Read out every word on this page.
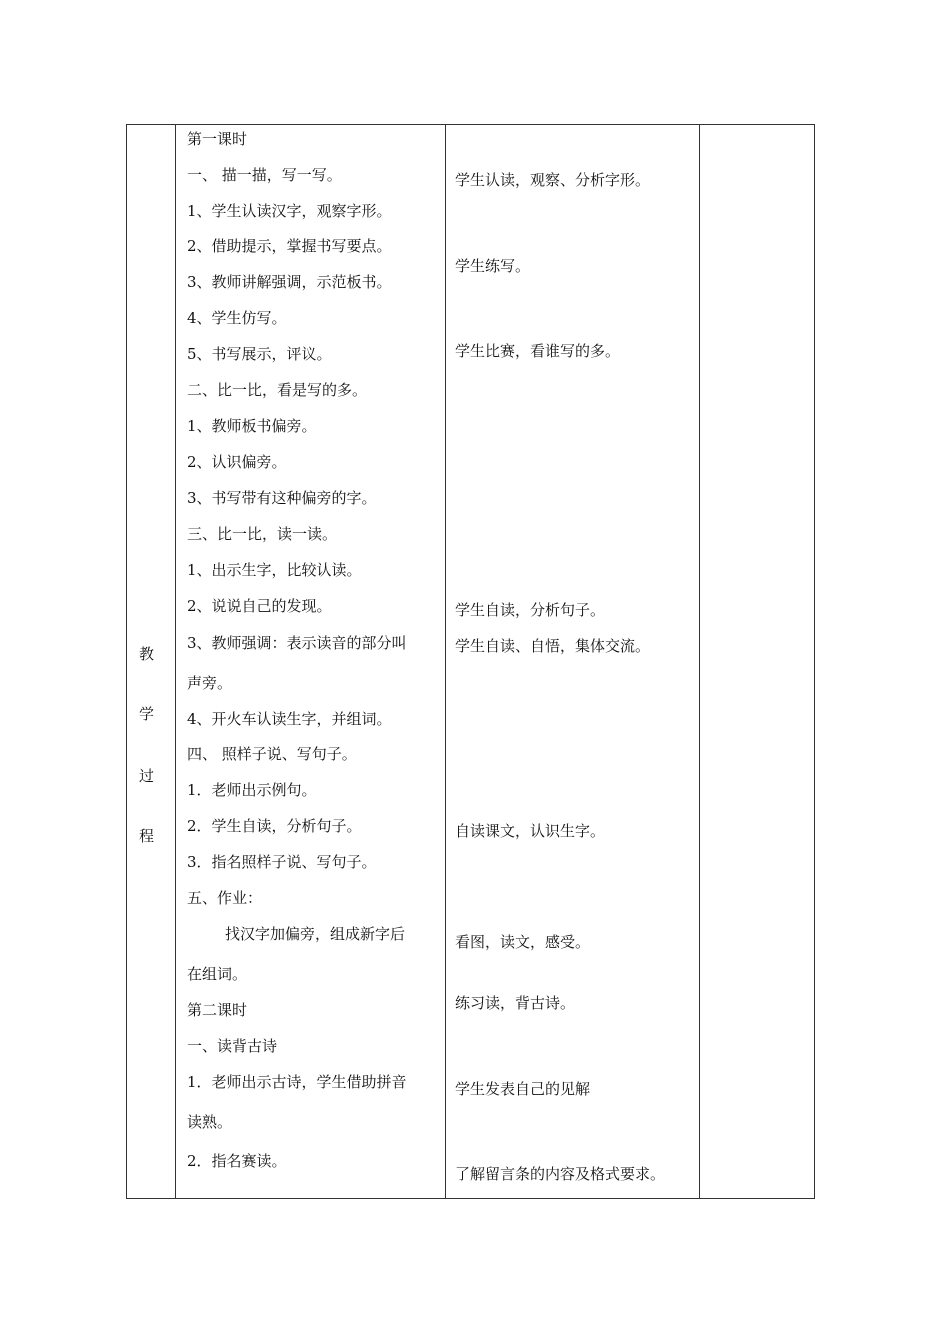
教
学
过
程
第一课时
一、 描一描，写一写。
1、学生认读汉字，观察字形。
2、借助提示，掌握书写要点。
3、教师讲解强调，示范板书。
4、学生仿写。
5、书写展示，评议。
二、比一比，看是写的多。
1、教师板书偏旁。
2、认识偏旁。
3、书写带有这种偏旁的字。
三、比一比，读一读。
1、出示生字，比较认读。
2、说说自己的发现。
3、教师强调：表示读音的部分叫
声旁。
4、开火车认读生字，并组词。
四、 照样子说、写句子。
1．老师出示例句。
2．学生自读，分析句子。
3．指名照样子说、写句子。
五、作业：
找汉字加偏旁，组成新字后
在组词。
第二课时
一、读背古诗
1．老师出示古诗，学生借助拼音
读熟。
2．指名赛读。
学生认读，观察、分析字形。
学生练写。
学生比赛，看谁写的多。
学生自读，分析句子。
学生自读、自悟，集体交流。
自读课文，认识生字。
看图，读文，感受。
练习读，背古诗。
学生发表自己的见解
了解留言条的内容及格式要求。
